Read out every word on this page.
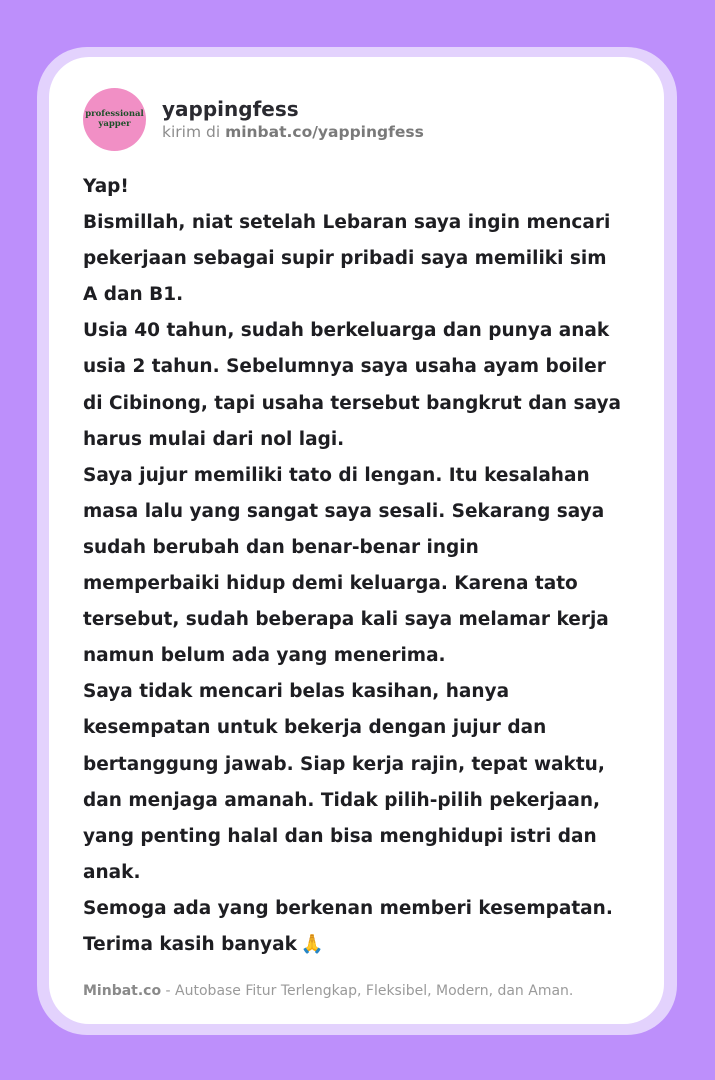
professional
yapper
yappingfess
kirim di minbat.co/yappingfess

Yap!
Bismillah, niat setelah Lebaran saya ingin mencari
pekerjaan sebagai supir pribadi saya memiliki sim
A dan B1.

Usia 40 tahun, sudah berkeluarga dan punya anak
usia 2 tahun. Sebelumnya saya usaha ayam boiler
di Cibinong, tapi usaha tersebut bangkrut dan saya
harus mulai dari nol lagi.

Saya jujur memiliki tato di lengan. Itu kesalahan
masa lalu yang sangat saya sesali. Sekarang saya
sudah berubah dan benar-benar ingin
memperbaiki hidup demi keluarga. Karena tato
tersebut, sudah beberapa kali saya melamar kerja
namun belum ada yang menerima.

Saya tidak mencari belas kasihan, hanya
kesempatan untuk bekerja dengan jujur dan
bertanggung jawab. Siap kerja rajin, tepat waktu,
dan menjaga amanah. Tidak pilih-pilih pekerjaan,
yang penting halal dan bisa menghidupi istri dan
anak.

Semoga ada yang berkenan memberi kesempatan.
Terima kasih banyak 🙏

Minbat.co - Autobase Fitur Terlengkap, Fleksibel, Modern, dan Aman.
